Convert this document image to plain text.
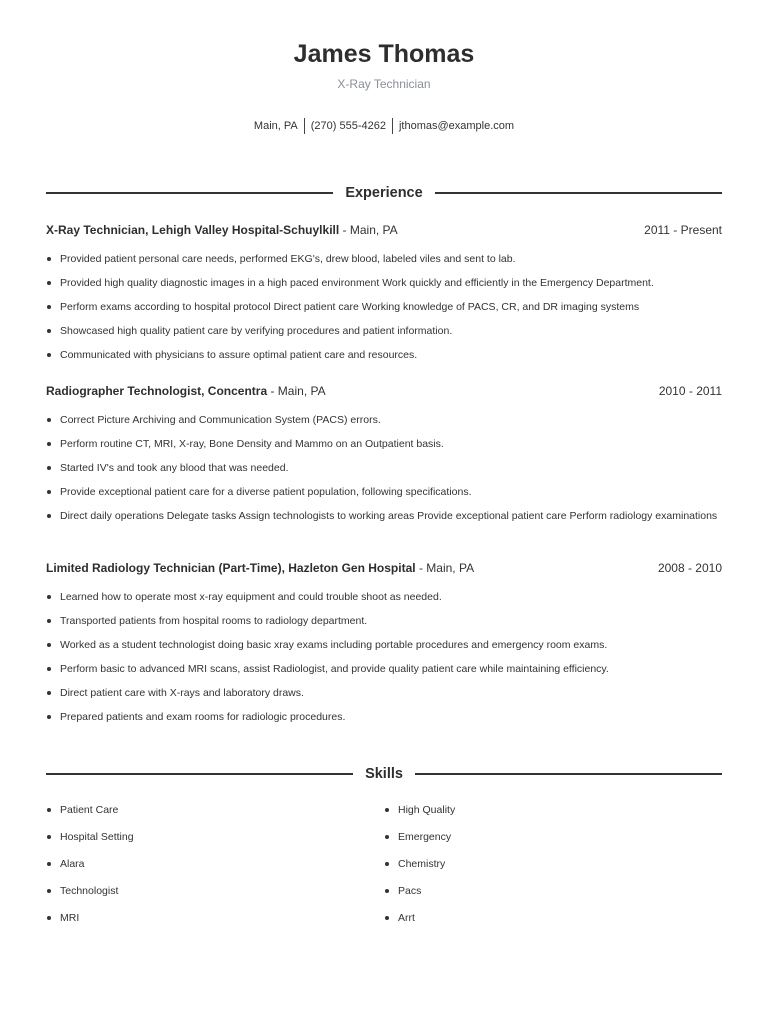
James Thomas
X-Ray Technician
Main, PA (270) 555-4262 jthomas@example.com
Experience
X-Ray Technician, Lehigh Valley Hospital-Schuylkill - Main, PA	2011 - Present
Provided patient personal care needs, performed EKG's, drew blood, labeled viles and sent to lab.
Provided high quality diagnostic images in a high paced environment Work quickly and efficiently in the Emergency Department.
Perform exams according to hospital protocol Direct patient care Working knowledge of PACS, CR, and DR imaging systems
Showcased high quality patient care by verifying procedures and patient information.
Communicated with physicians to assure optimal patient care and resources.
Radiographer Technologist, Concentra - Main, PA	2010 - 2011
Correct Picture Archiving and Communication System (PACS) errors.
Perform routine CT, MRI, X-ray, Bone Density and Mammo on an Outpatient basis.
Started IV's and took any blood that was needed.
Provide exceptional patient care for a diverse patient population, following specifications.
Direct daily operations Delegate tasks Assign technologists to working areas Provide exceptional patient care Perform radiology examinations
Limited Radiology Technician (Part-Time), Hazleton Gen Hospital - Main, PA	2008 - 2010
Learned how to operate most x-ray equipment and could trouble shoot as needed.
Transported patients from hospital rooms to radiology department.
Worked as a student technologist doing basic xray exams including portable procedures and emergency room exams.
Perform basic to advanced MRI scans, assist Radiologist, and provide quality patient care while maintaining efficiency.
Direct patient care with X-rays and laboratory draws.
Prepared patients and exam rooms for radiologic procedures.
Skills
Patient Care	High Quality
Hospital Setting	Emergency
Alara	Chemistry
Technologist	Pacs
MRI	Arrt
